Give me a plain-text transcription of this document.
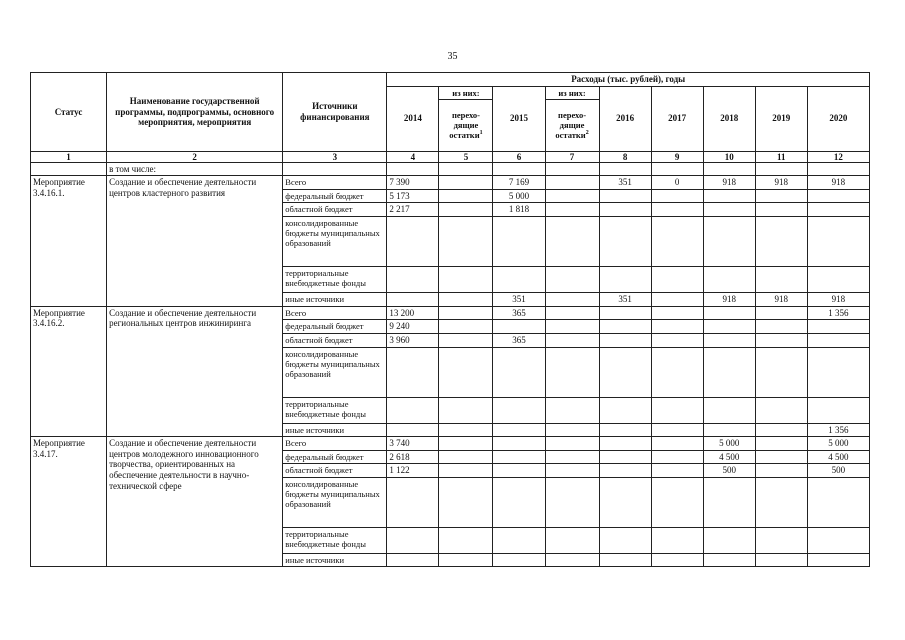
35
Статус	Наименование государственной программы, подпрограммы, основного мероприятия, мероприятия	Источники финансирования	Расходы (тыс. рублей), годы								
			2014	из них:	2015	из них:	2016	2017	2018	2019	2020
				перехо-дящие остатки$^1$		перехо-дящие остатки$^2$
1	2	3	4	5	6	7	8	9	10	11	12
	в том числе:										
Мероприятие 3.4.16.1.	Создание и обеспечение деятельности центров кластерного развития	Всего	7 390		7 169		351	0	918	918	918
		федеральный бюджет	5 173		5 000						
		областной бюджет	2 217		1 818						
		консолидированные бюджеты муниципальных образований									
		территориальные внебюджетные фонды									
		иные источники			351		351		918	918	918
Мероприятие 3.4.16.2.	Создание и обеспечение деятельности региональных центров инжиниринга	Всего	13 200		365						1 356
		федеральный бюджет	9 240								
		областной бюджет	3 960		365						
		консолидированные бюджеты муниципальных образований									
		территориальные внебюджетные фонды									
		иные источники									1 356
Мероприятие 3.4.17.	Создание и обеспечение деятельности центров молодежного инновационного творчества, ориентированных на обеспечение деятельности в научно-технической сфере	Всего	3 740						5 000		5 000
		федеральный бюджет	2 618						4 500		4 500
		областной бюджет	1 122						500		500
		консолидированные бюджеты муниципальных образований									
		территориальные внебюджетные фонды									
		иные источники									
